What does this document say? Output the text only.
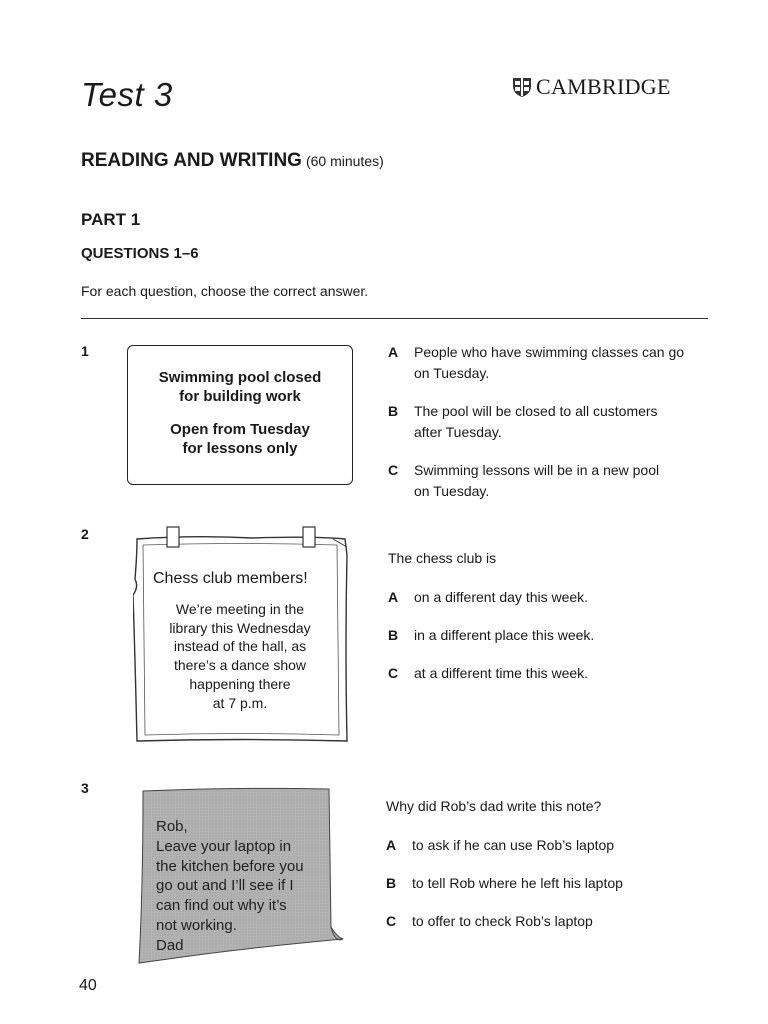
Test 3	CAMBRIDGE
READING AND WRITING (60 minutes)
PART 1
QUESTIONS 1–6
For each question, choose the correct answer.
1

Swimming pool closed

for building work

Open from Tuesday

for lessons only

A	People who have swimming classes can go
on Tuesday.
B	The pool will be closed to all customers
after Tuesday.
C	Swimming lessons will be in a new pool
on Tuesday.
2
Chess club members!
We’re meeting in the
library this Wednesday
instead of the hall, as
there’s a dance show
happening there
at 7 p.m.
The chess club is
A	on a different day this week.
B	in a different place this week.
C	at a different time this week.
3
Rob,
Leave your laptop in
the kitchen before you
go out and I’ll see if I
can find out why it’s
not working.
Dad
Why did Rob’s dad write this note?
A	to ask if he can use Rob’s laptop
B	to tell Rob where he left his laptop
C	to offer to check Rob’s laptop
40
